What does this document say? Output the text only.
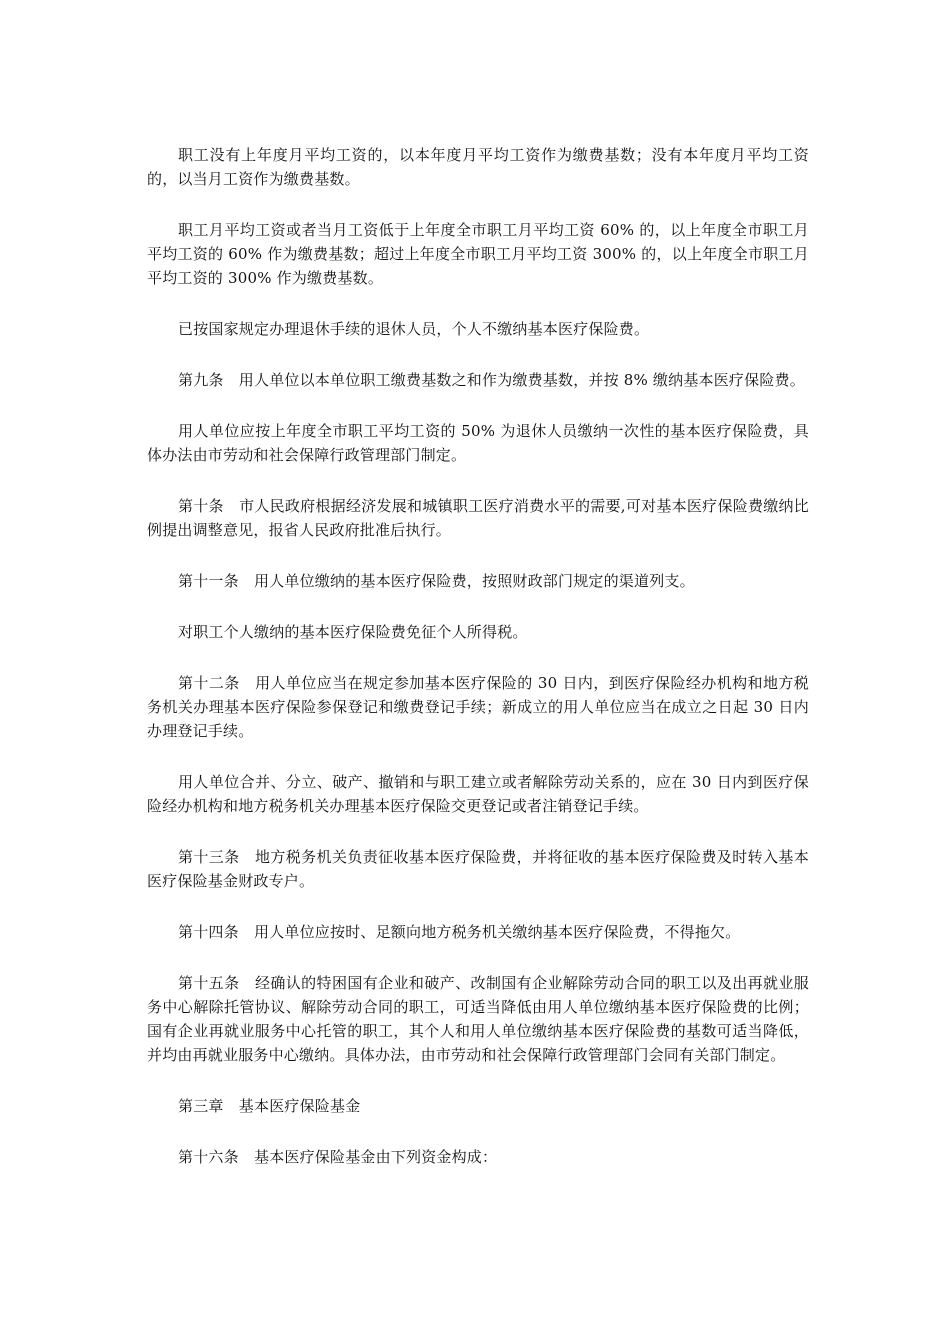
职工没有上年度月平均工资的，以本年度月平均工资作为缴费基数；没有本年度月平均工资的，以当月工资作为缴费基数。

职工月平均工资或者当月工资低于上年度全市职工月平均工资 60% 的，以上年度全市职工月平均工资的 60% 作为缴费基数；超过上年度全市职工月平均工资 300% 的，以上年度全市职工月平均工资的 300% 作为缴费基数。

已按国家规定办理退休手续的退休人员，个人不缴纳基本医疗保险费。

第九条　用人单位以本单位职工缴费基数之和作为缴费基数，并按 8% 缴纳基本医疗保险费。

用人单位应按上年度全市职工平均工资的 50% 为退休人员缴纳一次性的基本医疗保险费，具体办法由市劳动和社会保障行政管理部门制定。

第十条　市人民政府根据经济发展和城镇职工医疗消费水平的需要,可对基本医疗保险费缴纳比例提出调整意见，报省人民政府批准后执行。

第十一条　用人单位缴纳的基本医疗保险费，按照财政部门规定的渠道列支。

对职工个人缴纳的基本医疗保险费免征个人所得税。

第十二条　用人单位应当在规定参加基本医疗保险的 30 日内，到医疗保险经办机构和地方税务机关办理基本医疗保险参保登记和缴费登记手续；新成立的用人单位应当在成立之日起 30 日内办理登记手续。

用人单位合并、分立、破产、撤销和与职工建立或者解除劳动关系的，应在 30 日内到医疗保险经办机构和地方税务机关办理基本医疗保险交更登记或者注销登记手续。

第十三条　地方税务机关负责征收基本医疗保险费，并将征收的基本医疗保险费及时转入基本医疗保险基金财政专户。

第十四条　用人单位应按时、足额向地方税务机关缴纳基本医疗保险费，不得拖欠。

第十五条　经确认的特困国有企业和破产、改制国有企业解除劳动合同的职工以及出再就业服务中心解除托管协议、解除劳动合同的职工，可适当降低由用人单位缴纳基本医疗保险费的比例；国有企业再就业服务中心托管的职工，其个人和用人单位缴纳基本医疗保险费的基数可适当降低，并均由再就业服务中心缴纳。具体办法，由市劳动和社会保障行政管理部门会同有关部门制定。

第三章　基本医疗保险基金

第十六条　基本医疗保险基金由下列资金构成：
